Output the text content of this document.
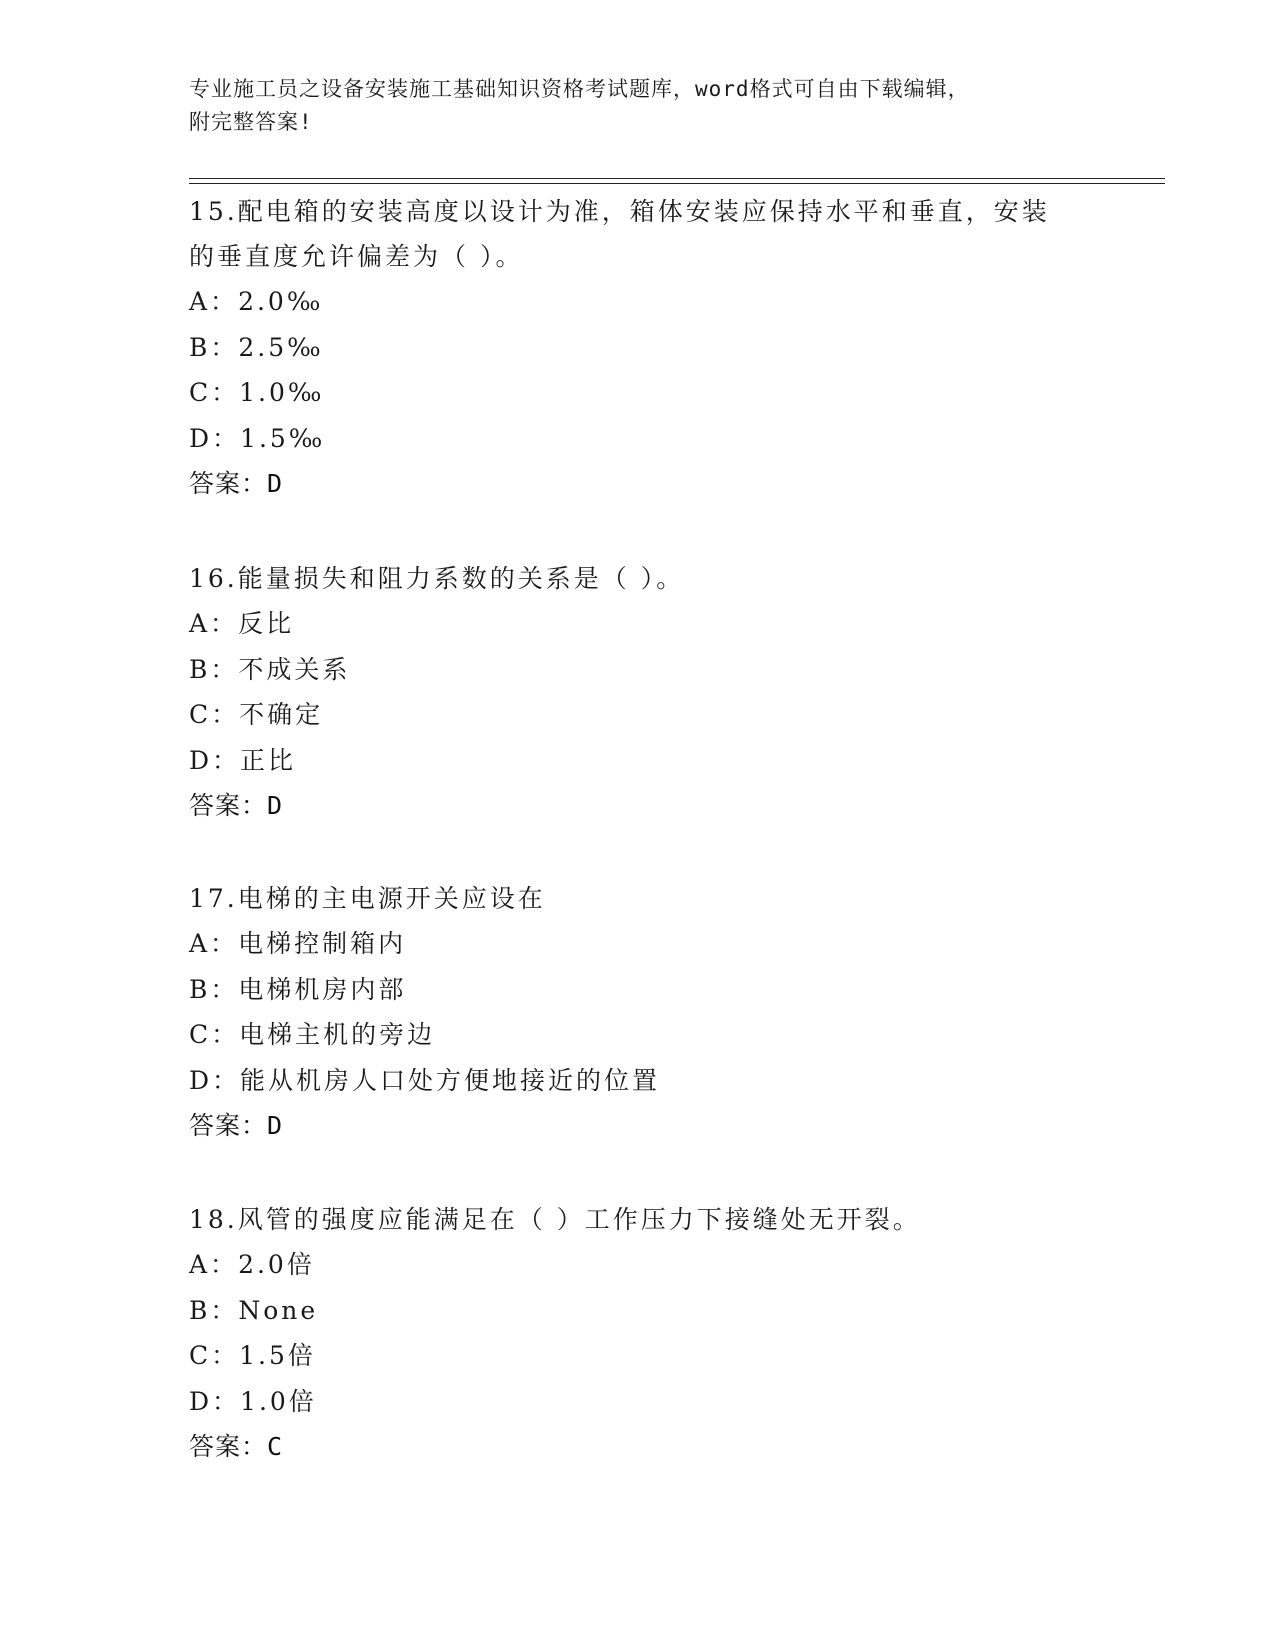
专业施工员之设备安装施工基础知识资格考试题库，word格式可自由下载编辑，
附完整答案!
15.配电箱的安装高度以设计为准，箱体安装应保持水平和垂直，安装
的垂直度允许偏差为（ ）。
A：2.0‰
B：2.5‰
C：1.0‰
D：1.5‰
答案：D
16.能量损失和阻力系数的关系是（ ）。
A：反比
B：不成关系
C：不确定
D：正比
答案：D
17.电梯的主电源开关应设在
A：电梯控制箱内
B：电梯机房内部
C：电梯主机的旁边
D：能从机房人口处方便地接近的位置
答案：D
18.风管的强度应能满足在（ ）工作压力下接缝处无开裂。
A：2.0倍
B：None
C：1.5倍
D：1.0倍
答案：C
